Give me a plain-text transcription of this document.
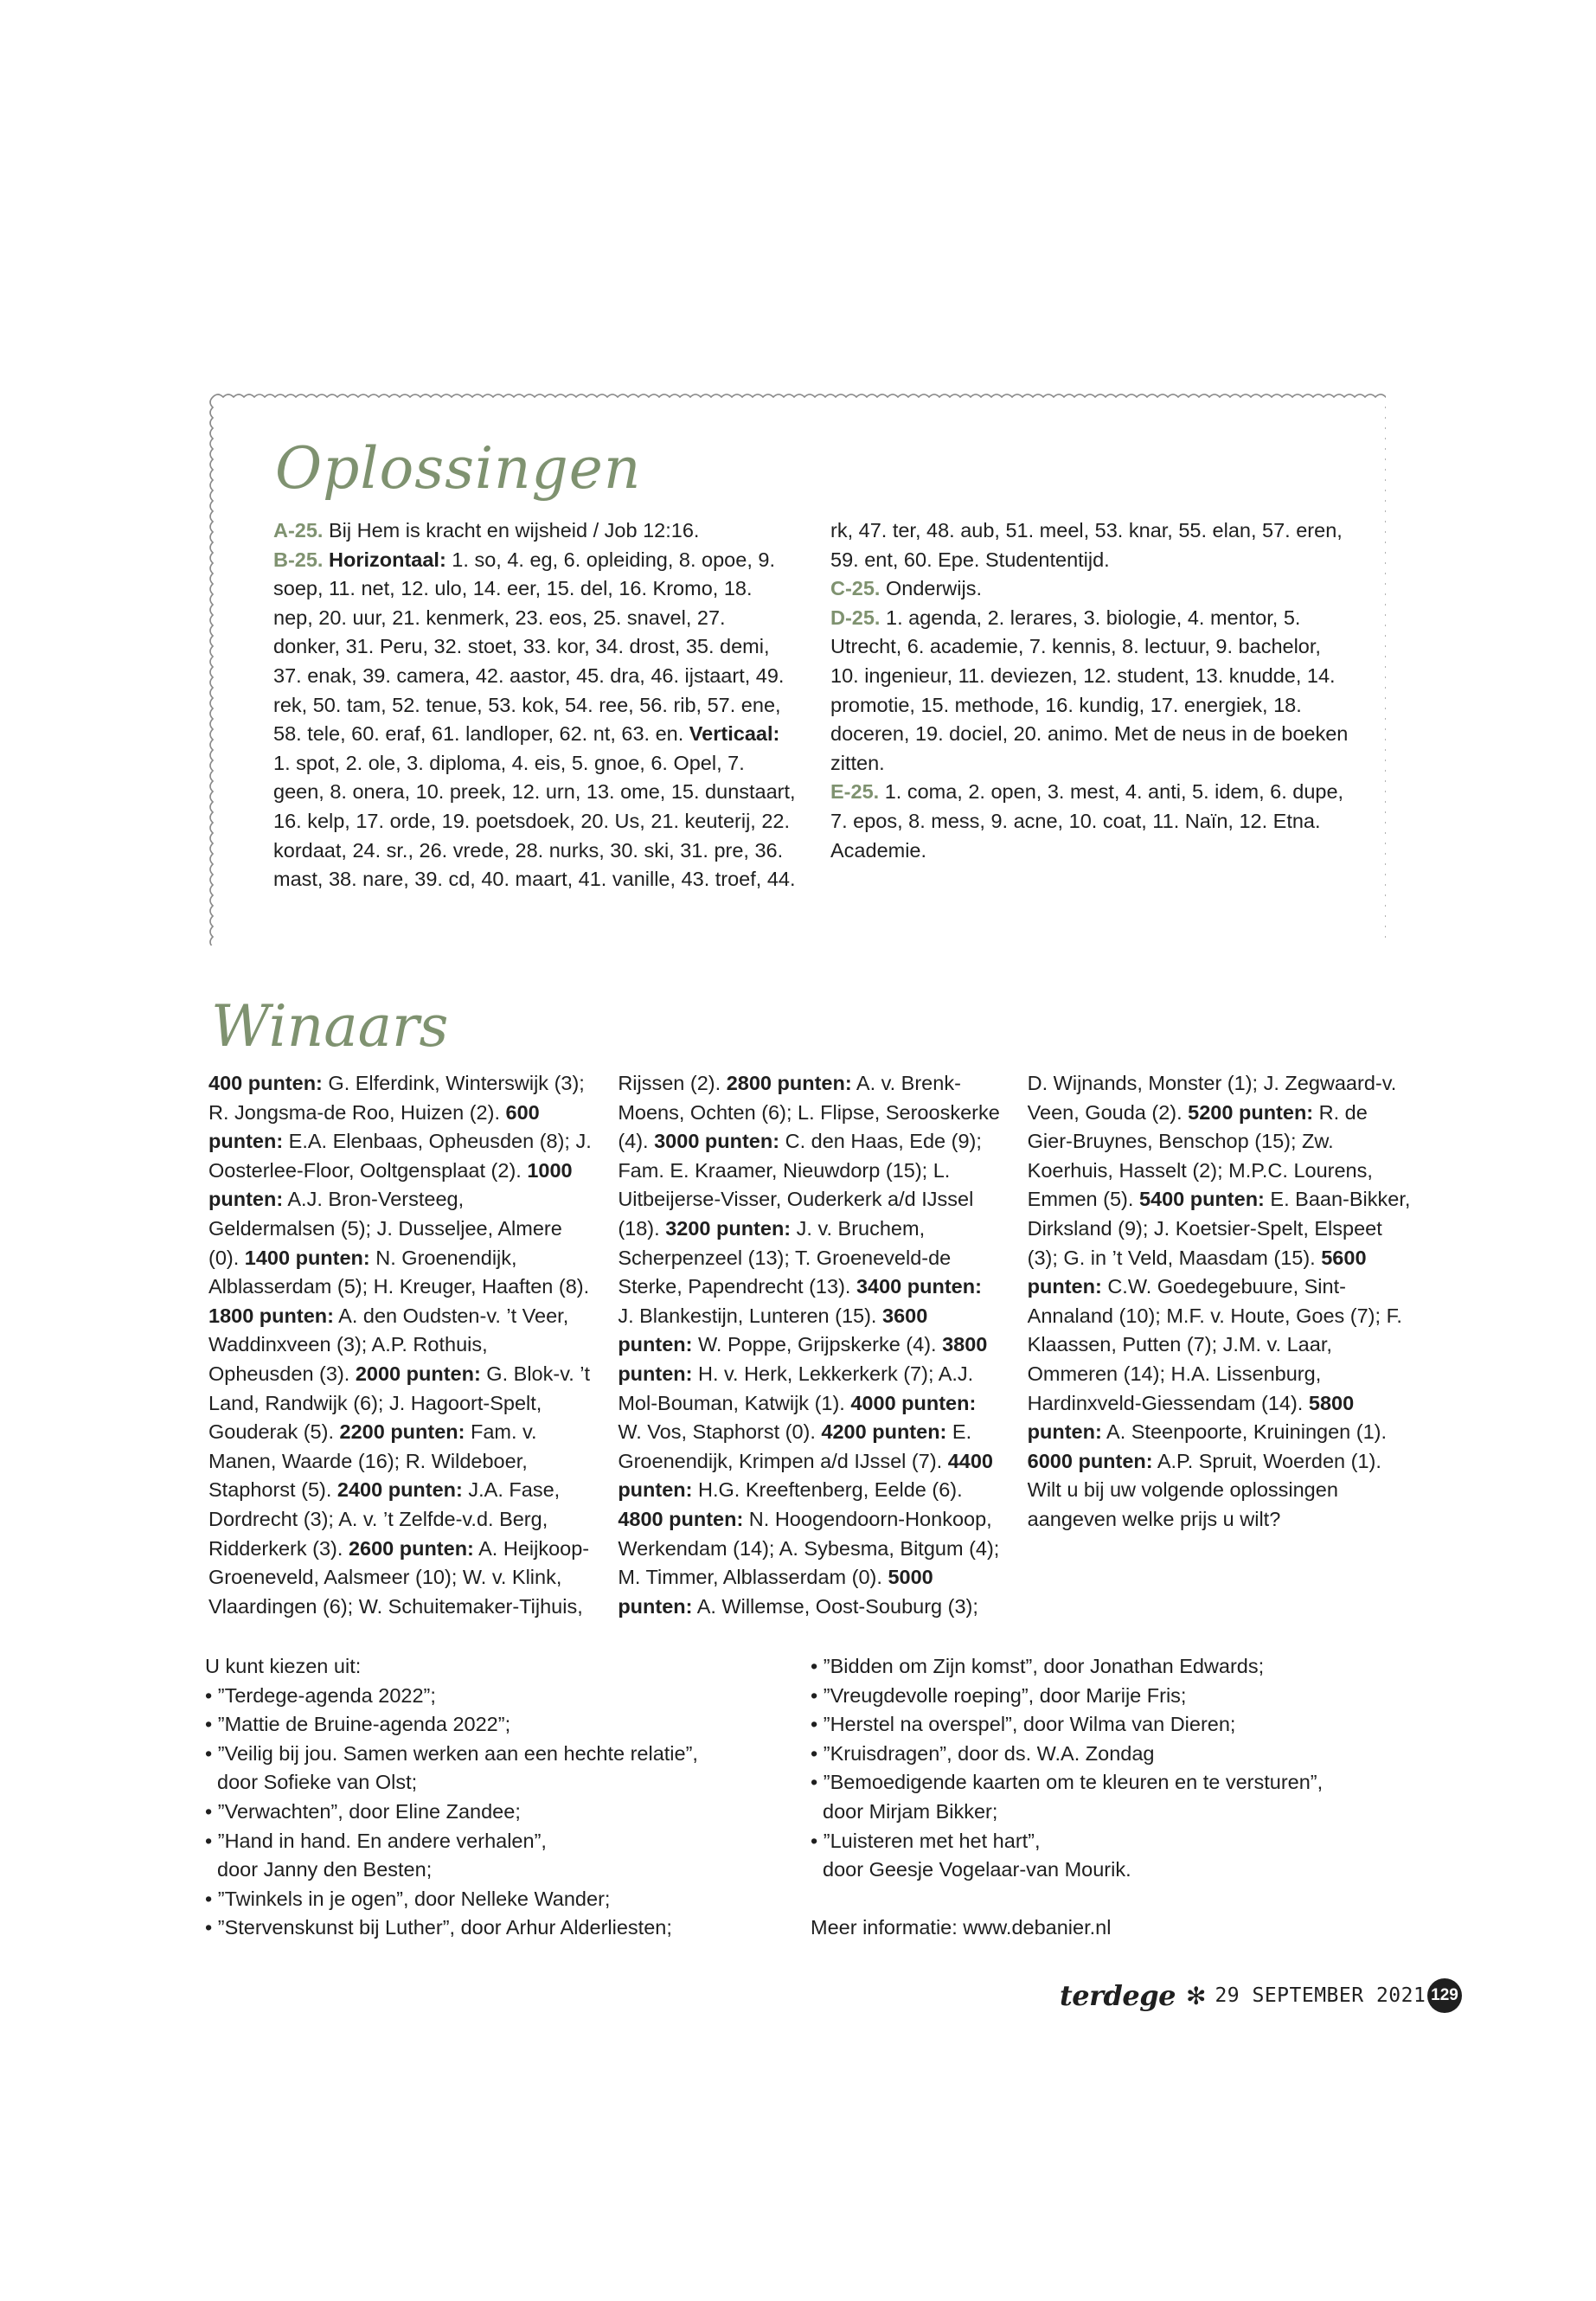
Oplossingen
Winaars
U kunt kiezen uit:
• ”Terdege-agenda 2022”;
• ”Mattie de Bruine-agenda 2022”;
• ”Veilig bij jou. Samen werken aan een hechte relatie”,
door Sofieke van Olst;
• ”Verwachten”, door Eline Zandee;
• ”Hand in hand. En andere verhalen”,
door Janny den Besten;
• ”Twinkels in je ogen”, door Nelleke Wander;
• ”Stervenskunst bij Luther”, door Arhur Alderliesten;
• ”Bidden om Zijn komst”, door Jonathan Edwards;
• ”Vreugdevolle roeping”, door Marije Fris;
• ”Herstel na overspel”, door Wilma van Dieren;
• ”Kruisdragen”, door ds. W.A. Zondag
• ”Bemoedigende kaarten om te kleuren en te versturen”,
door Mirjam Bikker;
• ”Luisteren met het hart”,
door Geesje Vogelaar-van Mourik.
Meer informatie: www.debanier.nl
terdege ✻ 29 SEPTEMBER 2021 129
A-25. Bij Hem is kracht en wijsheid / Job 12:16.
B-25. Horizontaal: 1. so, 4. eg, 6. opleiding, 8. opoe, 9. soep, 11. net, 12. ulo, 14. eer, 15. del, 16. Kromo, 18. nep, 20. uur, 21. kenmerk, 23. eos, 25. snavel, 27. donker, 31. Peru, 32. stoet, 33. kor, 34. drost, 35. demi, 37. enak, 39. camera, 42. aastor, 45. dra, 46. ijstaart, 49. rek, 50. tam, 52. tenue, 53. kok, 54. ree, 56. rib, 57. ene, 58. tele, 60. eraf, 61. landloper, 62. nt, 63. en. Verticaal: 1. spot, 2. ole, 3. diploma, 4. eis, 5. gnoe, 6. Opel, 7. geen, 8. onera, 10. preek, 12. urn, 13. ome, 15. dunstaart, 16. kelp, 17. orde, 19. poetsdoek, 20. Us, 21. keuterij, 22. kordaat, 24. sr., 26. vrede, 28. nurks, 30. ski, 31. pre, 36. mast, 38. nare, 39. cd, 40. maart, 41. vanille, 43. troef, 44. rk, 47. ter, 48. aub, 51. meel, 53. knar, 55. elan, 57. eren, 59. ent, 60. Epe. Studententijd.
C-25. Onderwijs.
D-25. 1. agenda, 2. lerares, 3. biologie, 4. mentor, 5. Utrecht, 6. academie, 7. kennis, 8. lectuur, 9. bachelor, 10. ingenieur, 11. deviezen, 12. student, 13. knudde, 14. promotie, 15. methode, 16. kundig, 17. energiek, 18. doceren, 19. dociel, 20. animo. Met de neus in de boeken zitten.
E-25. 1. coma, 2. open, 3. mest, 4. anti, 5. idem, 6. dupe, 7. epos, 8. mess, 9. acne, 10. coat, 11. Naïn, 12. Etna. Academie.
400 punten: G. Elferdink, Winterswijk (3); R. Jongsma-de Roo, Huizen (2). 600 punten: E.A. Elenbaas, Opheusden (8); J. Oosterlee-Floor, Ooltgensplaat (2). 1000 punten: A.J. Bron-Versteeg, Geldermalsen (5); J. Dusseljee, Almere (0). 1400 punten: N. Groenendijk, Alblasserdam (5); H. Kreuger, Haaften (8). 1800 punten: A. den Oudsten-v. ’t Veer, Waddinxveen (3); A.P. Rothuis, Opheusden (3). 2000 punten: G. Blok-v. ’t Land, Randwijk (6); J. Hagoort-Spelt, Gouderak (5). 2200 punten: Fam. v. Manen, Waarde (16); R. Wildeboer, Staphorst (5). 2400 punten: J.A. Fase, Dordrecht (3); A. v. ’t Zelfde-v.d. Berg, Ridderkerk (3). 2600 punten: A. Heijkoop-Groeneveld, Aalsmeer (10); W. v. Klink, Vlaardingen (6); W. Schuitemaker-Tijhuis, Rijssen (2). 2800 punten: A. v. Brenk-Moens, Ochten (6); L. Flipse, Serooskerke (4). 3000 punten: C. den Haas, Ede (9); Fam. E. Kraamer, Nieuwdorp (15); L. Uitbeijerse-Visser, Ouderkerk a/d IJssel (18). 3200 punten: J. v. Bruchem, Scherpenzeel (13); T. Groeneveld-de Sterke, Papendrecht (13). 3400 punten: J. Blankestijn, Lunteren (15). 3600 punten: W. Poppe, Grijpskerke (4). 3800 punten: H. v. Herk, Lekkerkerk (7); A.J. Mol-Bouman, Katwijk (1). 4000 punten: W. Vos, Staphorst (0). 4200 punten: E. Groenendijk, Krimpen a/d IJssel (7). 4400 punten: H.G. Kreeftenberg, Eelde (6). 4800 punten: N. Hoogendoorn-Honkoop, Werkendam (14); A. Sybesma, Bitgum (4); M. Timmer, Alblasserdam (0). 5000 punten: A. Willemse, Oost-Souburg (3); D. Wijnands, Monster (1); J. Zegwaard-v. Veen, Gouda (2). 5200 punten: R. de Gier-Bruynes, Benschop (15); Zw. Koerhuis, Hasselt (2); M.P.C. Lourens, Emmen (5). 5400 punten: E. Baan-Bikker, Dirksland (9); J. Koetsier-Spelt, Elspeet (3); G. in ’t Veld, Maasdam (15). 5600 punten: C.W. Goedegebuure, Sint-Annaland (10); M.F. v. Houte, Goes (7); F. Klaassen, Putten (7); J.M. v. Laar, Ommeren (14); H.A. Lissenburg, Hardinxveld-Giessendam (14). 5800 punten: A. Steenpoorte, Kruiningen (1). 6000 punten: A.P. Spruit, Woerden (1). Wilt u bij uw volgende oplossingen aangeven welke prijs u wilt?
